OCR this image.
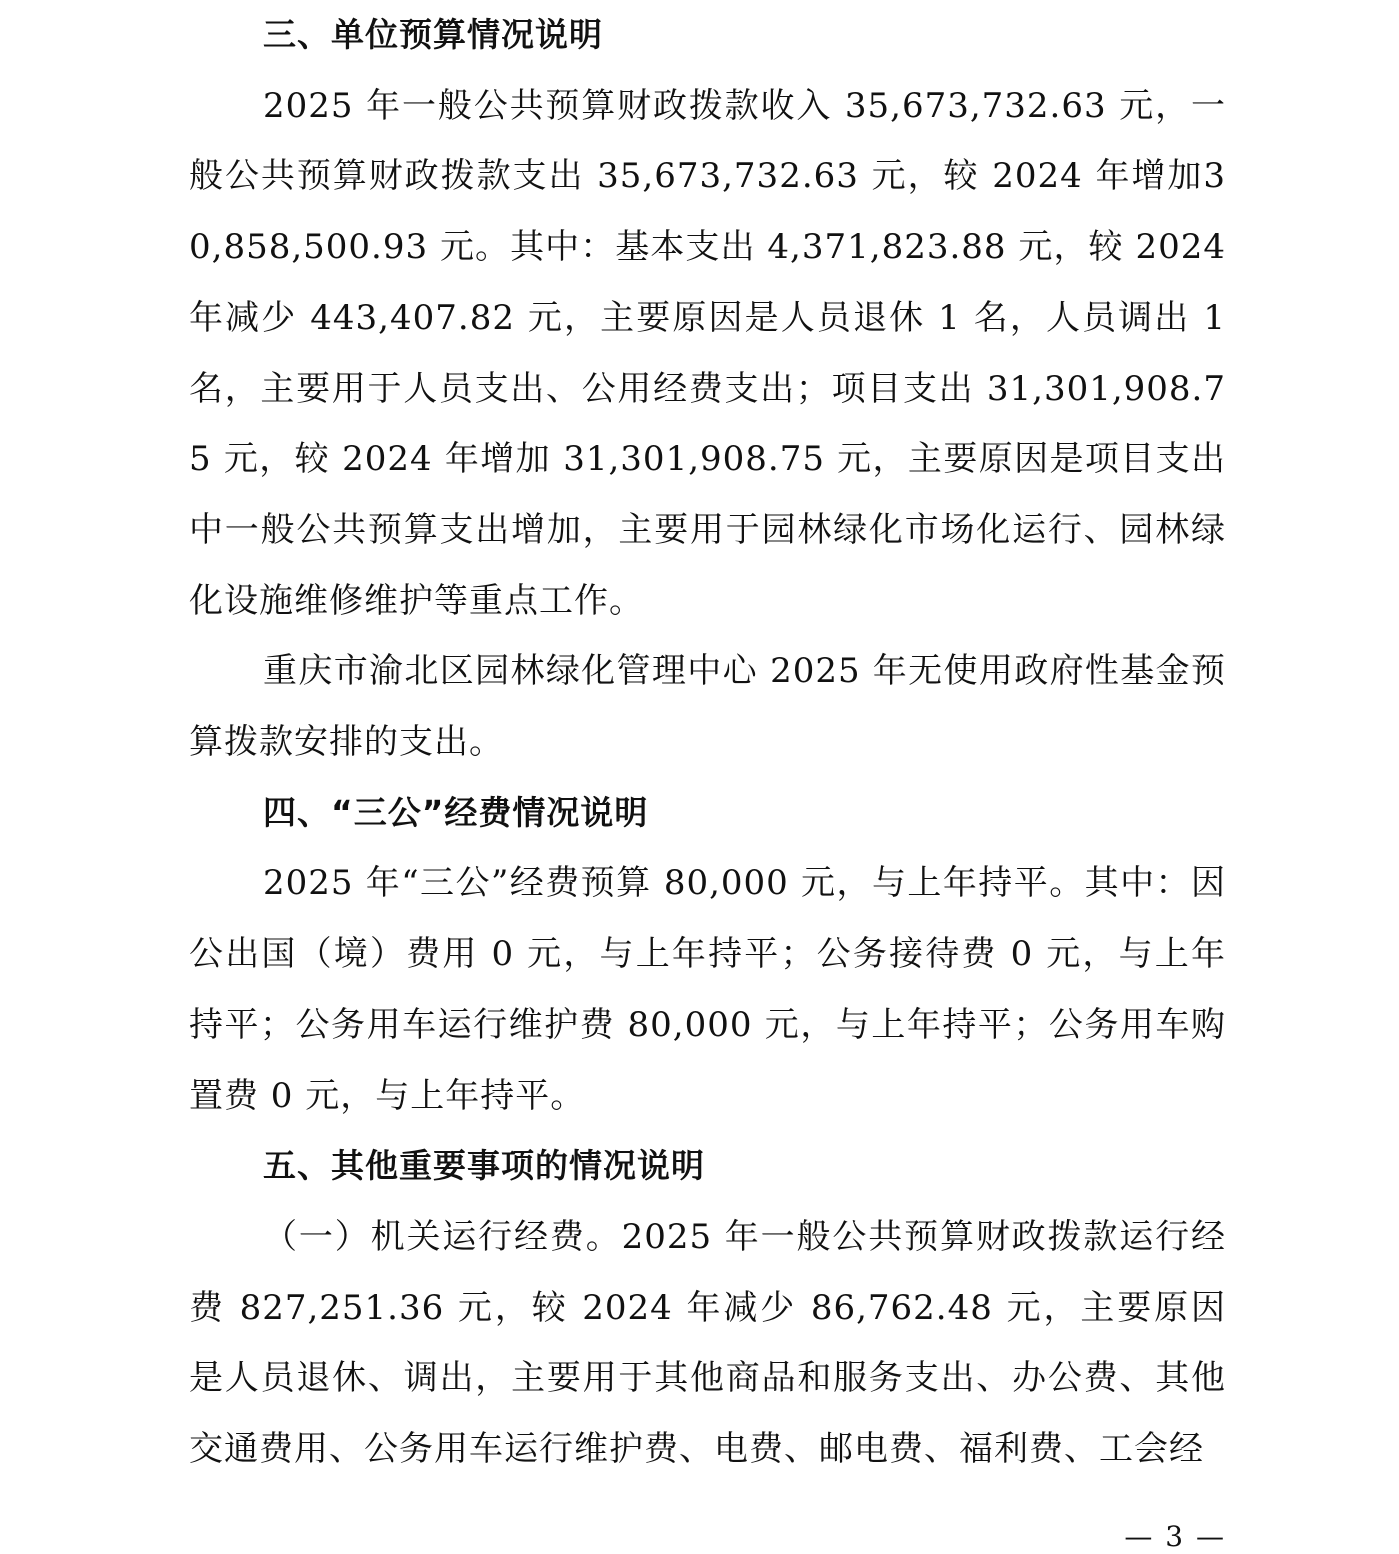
三、单位预算情况说明

2025 年一般公共预算财政拨款收入 35,673,732.63 元，一般公共预算财政拨款支出 35,673,732.63 元，较 2024 年增加30,858,500.93 元。其中：基本支出 4,371,823.88 元，较 2024 年减少 443,407.82 元，主要原因是人员退休 1 名，人员调出 1 名，主要用于人员支出、公用经费支出；项目支出 31,301,908.75 元，较 2024 年增加 31,301,908.75 元，主要原因是项目支出中一般公共预算支出增加，主要用于园林绿化市场化运行、园林绿化设施维修维护等重点工作。

重庆市渝北区园林绿化管理中心 2025 年无使用政府性基金预算拨款安排的支出。

四、“三公”经费情况说明

2025 年“三公”经费预算 80,000 元，与上年持平。其中：因公出国（境）费用 0 元，与上年持平；公务接待费 0 元，与上年持平；公务用车运行维护费 80,000 元，与上年持平；公务用车购置费 0 元，与上年持平。

五、其他重要事项的情况说明

（一）机关运行经费。2025 年一般公共预算财政拨款运行经费 827,251.36 元，较 2024 年减少 86,762.48 元，主要原因是人员退休、调出，主要用于其他商品和服务支出、办公费、其他交通费用、公务用车运行维护费、电费、邮电费、福利费、工会经

— 3 —
